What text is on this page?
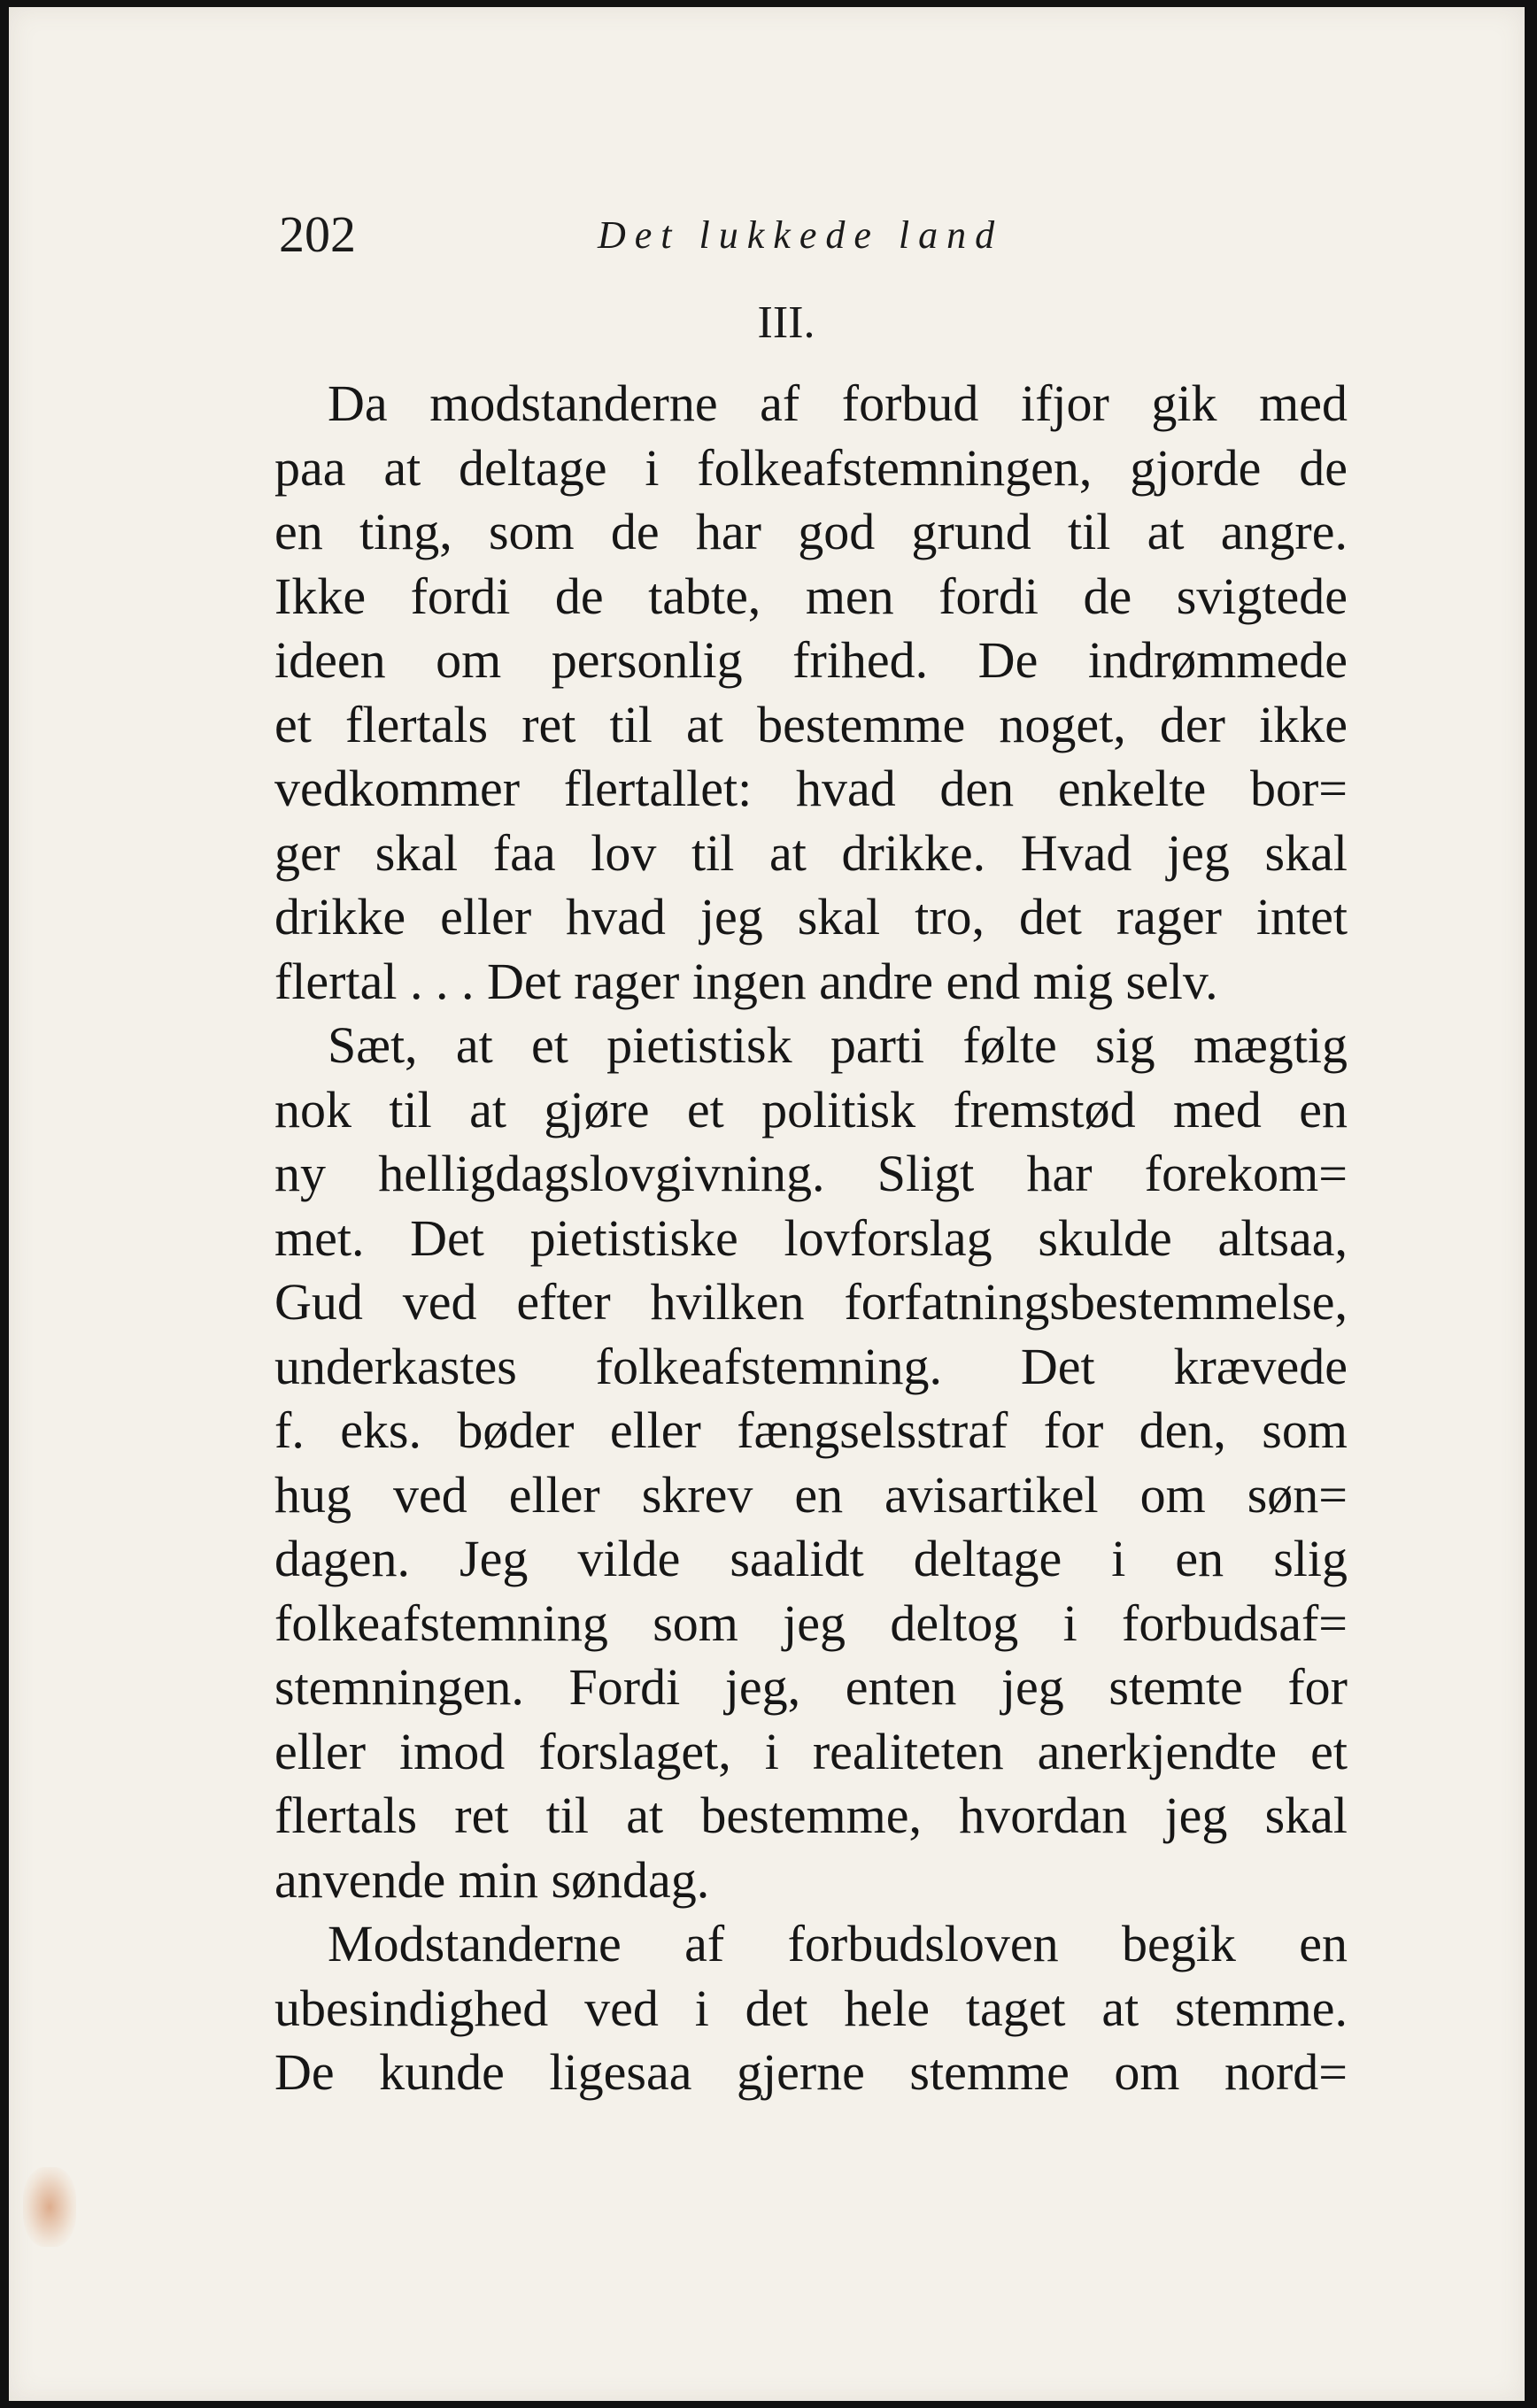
202	Det lukkede land
III.

Da modstanderne af forbud ifjor gik med
paa at deltage i folkeafstemningen, gjorde de
en ting, som de har god grund til at angre.
Ikke fordi de tabte, men fordi de svigtede
ideen om personlig frihed. De indrømmede
et flertals ret til at bestemme noget, der ikke
vedkommer flertallet: hvad den enkelte bor=
ger skal faa lov til at drikke. Hvad jeg skal
drikke eller hvad jeg skal tro, det rager intet
flertal . . . Det rager ingen andre end mig selv.

Sæt, at et pietistisk parti følte sig mægtig
nok til at gjøre et politisk fremstød med en
ny helligdagslovgivning. Sligt har forekom=
met. Det pietistiske lovforslag skulde altsaa,
Gud ved efter hvilken forfatningsbestemmelse,
underkastes folkeafstemning. Det krævede
f. eks. bøder eller fængselsstraf for den, som
hug ved eller skrev en avisartikel om søn=
dagen. Jeg vilde saalidt deltage i en slig
folkeafstemning som jeg deltog i forbudsaf=
stemningen. Fordi jeg, enten jeg stemte for
eller imod forslaget, i realiteten anerkjendte et
flertals ret til at bestemme, hvordan jeg skal
anvende min søndag.

Modstanderne af forbudsloven begik en
ubesindighed ved i det hele taget at stemme.
De kunde ligesaa gjerne stemme om nord=
